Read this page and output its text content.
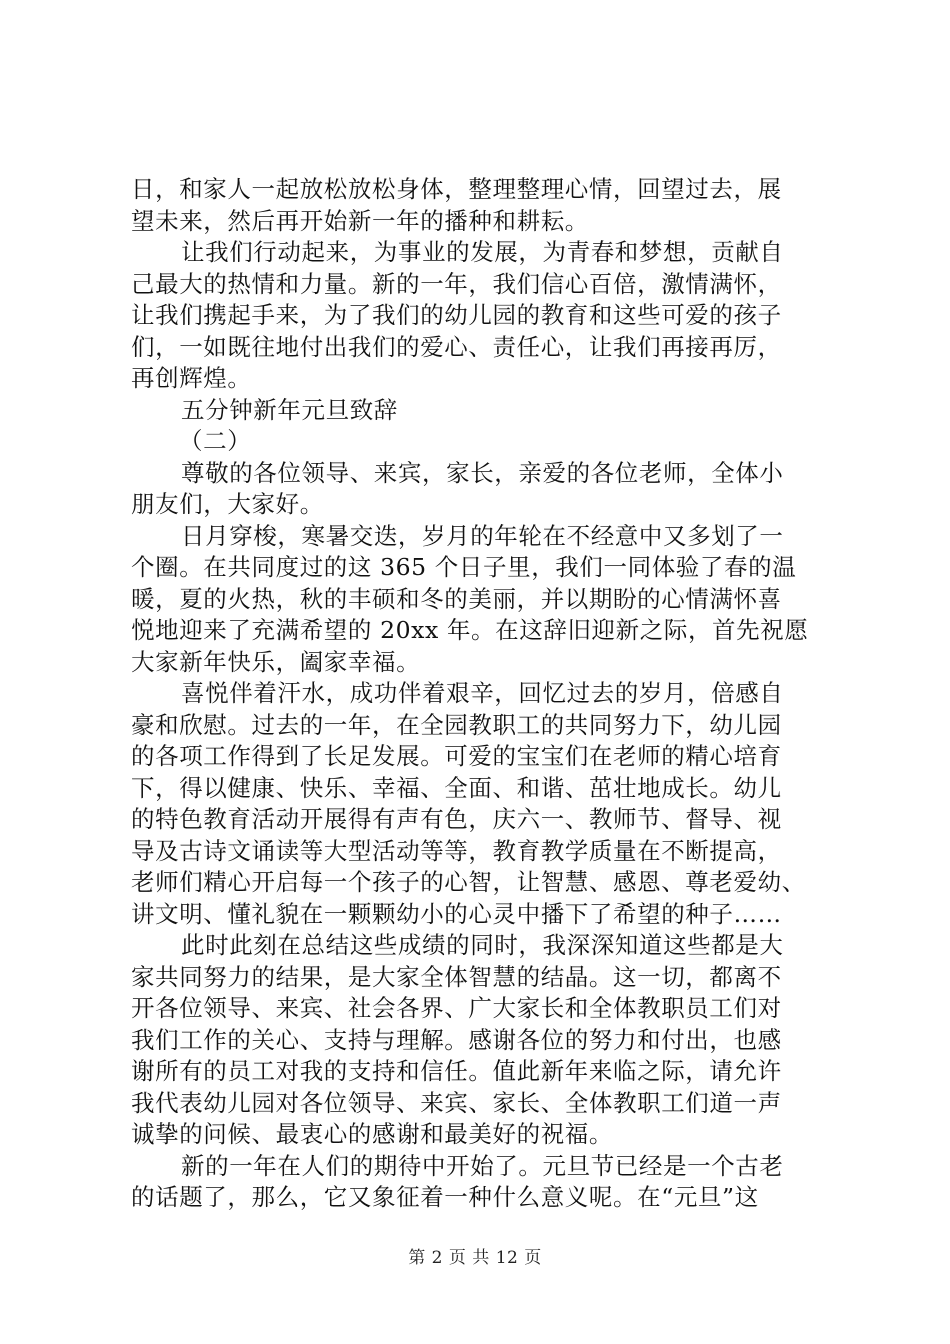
日，和家人一起放松放松身体，整理整理心情，回望过去，展
望未来，然后再开始新一年的播种和耕耘。
让我们行动起来，为事业的发展，为青春和梦想，贡献自
己最大的热情和力量。新的一年，我们信心百倍，激情满怀，
让我们携起手来，为了我们的幼儿园的教育和这些可爱的孩子
们，一如既往地付出我们的爱心、责任心，让我们再接再厉，
再创辉煌。
五分钟新年元旦致辞
（二）
尊敬的各位领导、来宾，家长，亲爱的各位老师，全体小
朋友们，大家好。
日月穿梭，寒暑交迭，岁月的年轮在不经意中又多划了一
个圈。在共同度过的这 365 个日子里，我们一同体验了春的温
暖，夏的火热，秋的丰硕和冬的美丽，并以期盼的心情满怀喜
悦地迎来了充满希望的 20xx 年。在这辞旧迎新之际，首先祝愿
大家新年快乐，阖家幸福。
喜悦伴着汗水，成功伴着艰辛，回忆过去的岁月，倍感自
豪和欣慰。过去的一年，在全园教职工的共同努力下，幼儿园
的各项工作得到了长足发展。可爱的宝宝们在老师的精心培育
下，得以健康、快乐、幸福、全面、和谐、茁壮地成长。幼儿
的特色教育活动开展得有声有色，庆六一、教师节、督导、视
导及古诗文诵读等大型活动等等，教育教学质量在不断提高，
老师们精心开启每一个孩子的心智，让智慧、感恩、尊老爱幼、
讲文明、懂礼貌在一颗颗幼小的心灵中播下了希望的种子……
此时此刻在总结这些成绩的同时，我深深知道这些都是大
家共同努力的结果，是大家全体智慧的结晶。这一切，都离不
开各位领导、来宾、社会各界、广大家长和全体教职员工们对
我们工作的关心、支持与理解。感谢各位的努力和付出，也感
谢所有的员工对我的支持和信任。值此新年来临之际，请允许
我代表幼儿园对各位领导、来宾、家长、全体教职工们道一声
诚挚的问候、最衷心的感谢和最美好的祝福。
新的一年在人们的期待中开始了。元旦节已经是一个古老
的话题了，那么，它又象征着一种什么意义呢。在“元旦”这
第 2 页 共 12 页
